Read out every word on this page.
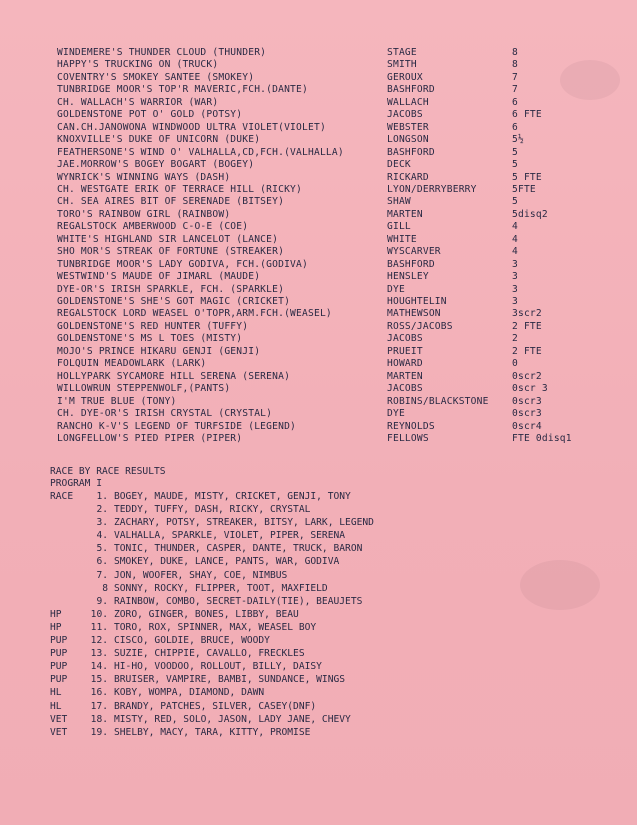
WINDEMERE'S THUNDER CLOUD (THUNDER)	STAGE	8
HAPPY'S TRUCKING ON (TRUCK)	SMITH	8
COVENTRY'S SMOKEY SANTEE (SMOKEY)	GEROUX	7
TUNBRIDGE MOOR'S TOP'R MAVERIC,FCH.(DANTE)	BASHFORD	7
CH. WALLACH'S WARRIOR (WAR)	WALLACH	6
GOLDENSTONE POT O' GOLD (POTSY)	JACOBS	6 FTE
CAN.CH.JANOWONA WINDWOOD ULTRA VIOLET(VIOLET)	WEBSTER	6
KNOXVILLE'S DUKE OF UNICORN (DUKE)	LONGSON	5½
FEATHERSONE'S WIND O' VALHALLA,CD,FCH.(VALHALLA)	BASHFORD	5
JAE.MORROW'S BOGEY BOGART (BOGEY)	DECK	5
WYNRICK'S WINNING WAYS (DASH)	RICKARD	5 FTE
CH. WESTGATE ERIK OF TERRACE HILL (RICKY)	LYON/DERRYBERRY	5FTE
CH. SEA AIRES BIT OF SERENADE (BITSEY)	SHAW	5
TORO'S RAINBOW GIRL (RAINBOW)	MARTEN	5disq2
REGALSTOCK AMBERWOOD C-O-E (COE)	GILL	4
WHITE'S HIGHLAND SIR LANCELOT (LANCE)	WHITE	4
SHO MOR'S STREAK OF FORTUNE (STREAKER)	WYSCARVER	4
TUNBRIDGE MOOR'S LADY GODIVA, FCH.(GODIVA)	BASHFORD	3
WESTWIND'S MAUDE OF JIMARL (MAUDE)	HENSLEY	3
DYE-OR'S IRISH SPARKLE, FCH. (SPARKLE)	DYE	3
GOLDENSTONE'S SHE'S GOT MAGIC (CRICKET)	HOUGHTELIN	3
REGALSTOCK LORD WEASEL O'TOPR,ARM.FCH.(WEASEL)	MATHEWSON	3scr2
GOLDENSTONE'S RED HUNTER (TUFFY)	ROSS/JACOBS	2 FTE
GOLDENSTONE'S MS L TOES (MISTY)	JACOBS	2
MOJO'S PRINCE HIKARU GENJI (GENJI)	PRUEIT	2 FTE
FOLQUIN MEADOWLARK (LARK)	HOWARD	0
HOLLYPARK SYCAMORE HILL SERENA (SERENA)	MARTEN	0scr2
WILLOWRUN STEPPENWOLF,(PANTS)	JACOBS	0scr 3
I'M TRUE BLUE (TONY)	ROBINS/BLACKSTONE 0scr3
CH. DYE-OR'S IRISH CRYSTAL (CRYSTAL)	DYE	0scr3
RANCHO K-V'S LEGEND OF TURFSIDE (LEGEND)	REYNOLDS	0scr4
LONGFELLOW'S PIED PIPER (PIPER)	FELLOWS	FTE 0disq1
RACE BY RACE RESULTS
PROGRAM I
RACE	1. BOGEY, MAUDE, MISTY, CRICKET, GENJI, TONY
2. TEDDY, TUFFY, DASH, RICKY, CRYSTAL
3. ZACHARY, POTSY, STREAKER, BITSY, LARK, LEGEND
4. VALHALLA, SPARKLE, VIOLET, PIPER, SERENA
5. TONIC, THUNDER, CASPER, DANTE, TRUCK, BARON
6. SMOKEY, DUKE, LANCE, PANTS, WAR, GODIVA
7. JON, WOOFER, SHAY, COE, NIMBUS
8 SONNY, ROCKY, FLIPPER, TOOT, MAXFIELD
9. RAINBOW, COMBO, SECRET-DAILY(TIE), BEAUJETS
HP	10. ZORO, GINGER, BONES, LIBBY, BEAU
HP	11. TORO, ROX, SPINNER, MAX, WEASEL BOY
PUP	12. CISCO, GOLDIE, BRUCE, WOODY
PUP	13. SUZIE, CHIPPIE, CAVALLO, FRECKLES
PUP	14. HI-HO, VOODOO, ROLLOUT, BILLY, DAISY
PUP	15. BRUISER, VAMPIRE, BAMBI, SUNDANCE, WINGS
HL	16. KOBY, WOMPA, DIAMOND, DAWN
HL	17. BRANDY, PATCHES, SILVER, CASEY(DNF)
VET	18. MISTY, RED, SOLO, JASON, LADY JANE, CHEVY
VET	19. SHELBY, MACY, TARA, KITTY, PROMISE
